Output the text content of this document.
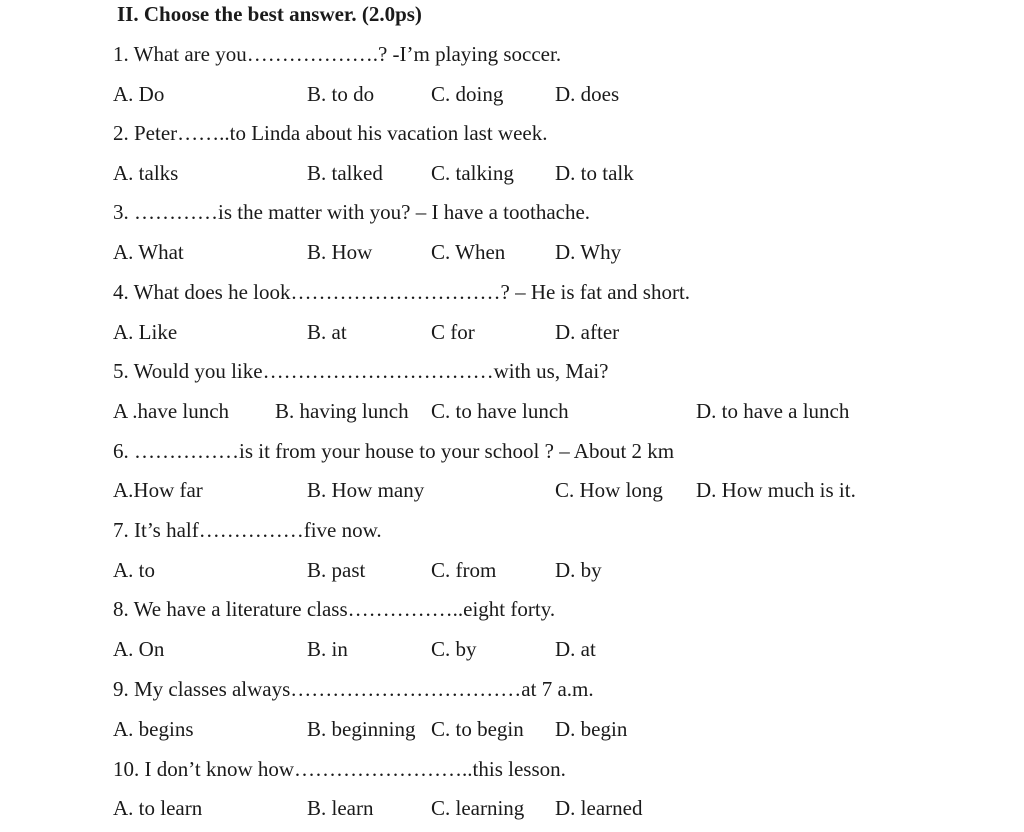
II. Choose the best answer. (2.0ps)
1. What are you……………….? -I’m playing soccer.
A. Do	B. to do	C. doing D. does
2. Peter……..to Linda about his vacation last week.
A. talks	B. talked C. talking D. to talk
3. …………is the matter with you? – I have a toothache.
A. What	B. How	C. When D. Why
4. What does he look…………………………? – He is fat and short.
A. Like	B. at	C for	D. after
5. Would you like……………………………with us, Mai?
A .have lunch B. having lunch C. to have lunch	D. to have a lunch
6. ……………is it from your house to your school ? – About 2 km
A.How far	B. How many	C. How long D. How much is it.
7. It’s half……………five now.
A. to	B. past	C. from	D. by
8. We have a literature class……………..eight forty.
A. On	B. in	C. by	D. at
9. My classes always……………………………at 7 a.m.
A. begins	B. beginning C. to begin D. begin
10. I don’t know how……………………..this lesson.
A. to learn	B. learn	C. learning D. learned
